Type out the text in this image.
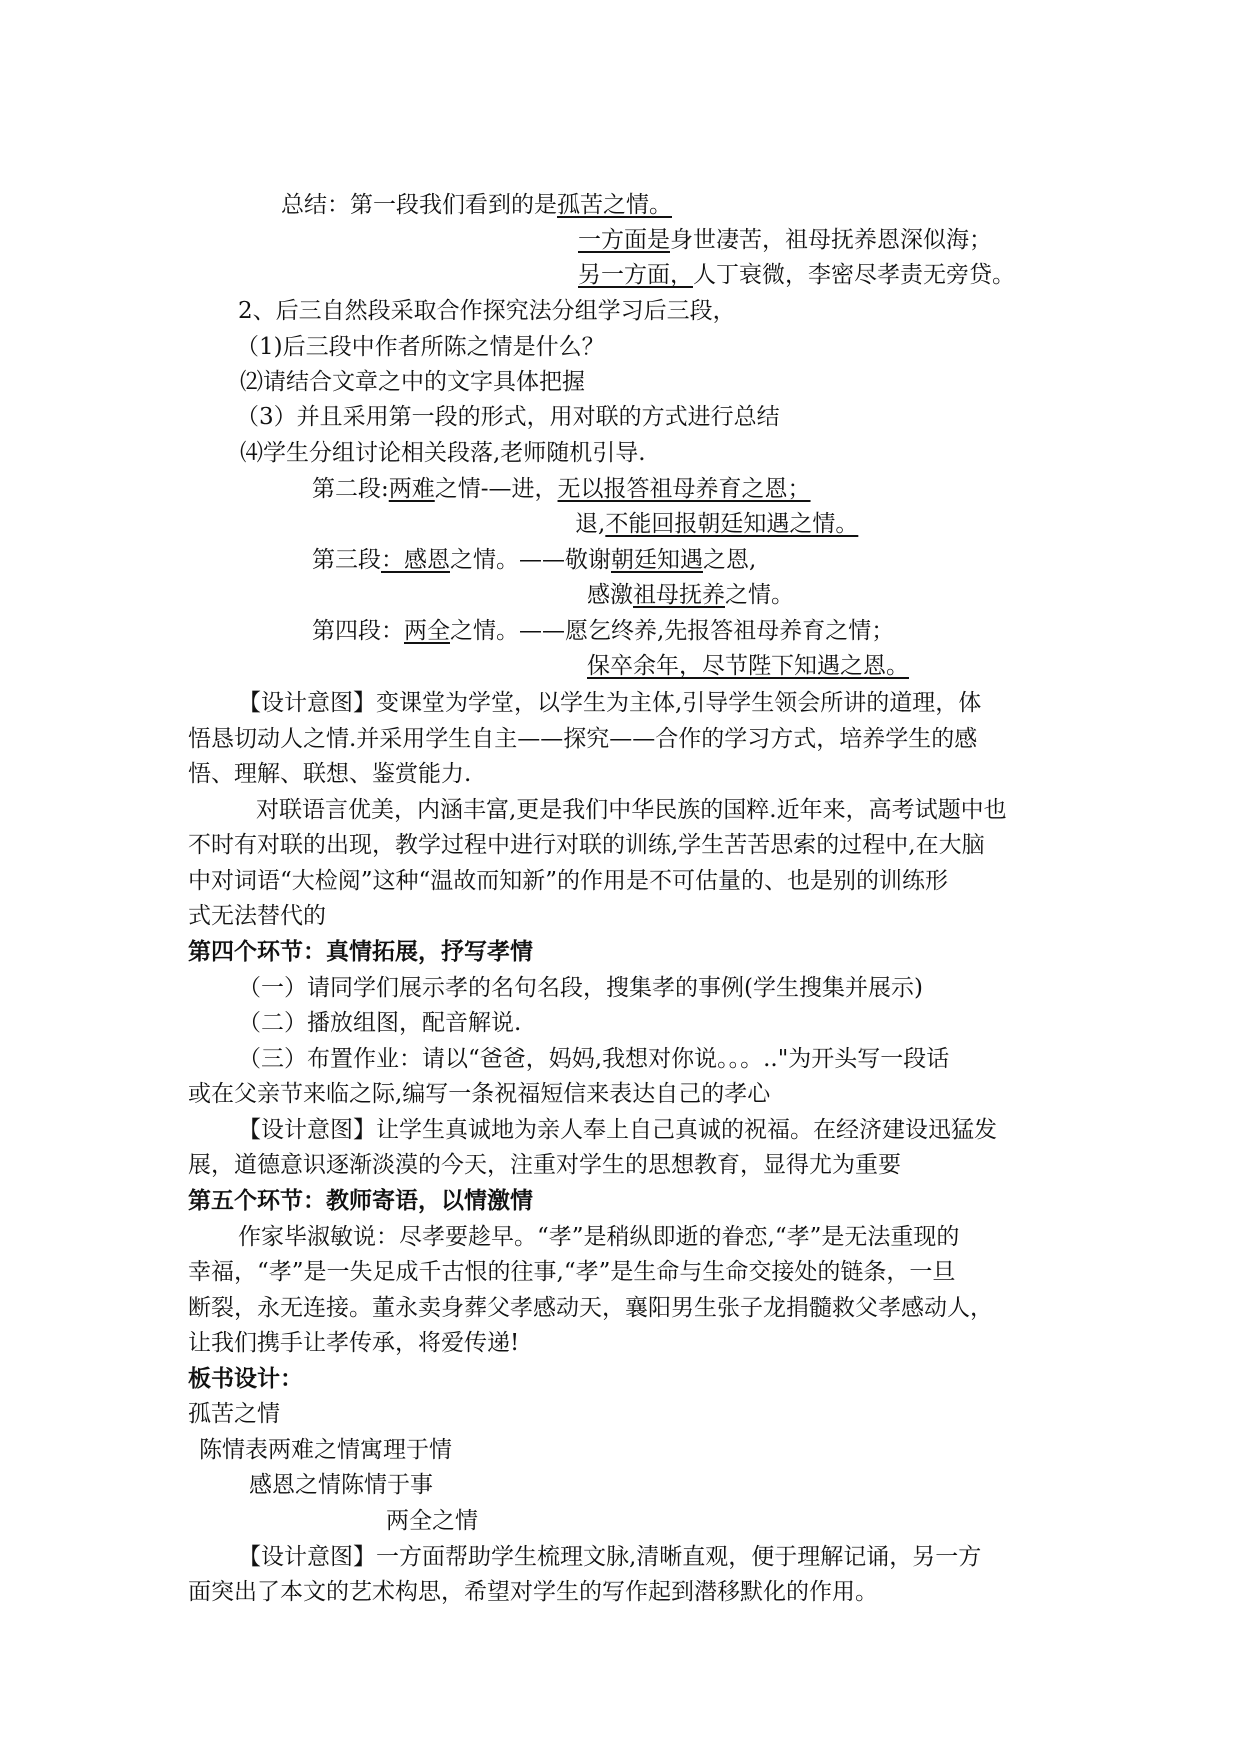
总结：第一段我们看到的是孤苦之情。
一方面是身世凄苦，祖母抚养恩深似海；
另一方面，人丁衰微，李密尽孝责无旁贷。
2、后三自然段采取合作探究法分组学习后三段，
（1)后三段中作者所陈之情是什么？
⑵请结合文章之中的文字具体把握
（3）并且采用第一段的形式，用对联的方式进行总结
⑷学生分组讨论相关段落,老师随机引导.
第二段:两难之情-—进，无以报答祖母养育之恩；
退,不能回报朝廷知遇之情。
第三段：感恩之情。——敬谢朝廷知遇之恩,
感激祖母抚养之情。
第四段：两全之情。——愿乞终养,先报答祖母养育之情；
保卒余年，尽节陛下知遇之恩。
【设计意图】变课堂为学堂，以学生为主体,引导学生领会所讲的道理，体
悟恳切动人之情.并采用学生自主——探究——合作的学习方式，培养学生的感
悟、理解、联想、鉴赏能力.
对联语言优美，内涵丰富,更是我们中华民族的国粹.近年来，高考试题中也
不时有对联的出现，教学过程中进行对联的训练,学生苦苦思索的过程中,在大脑
中对词语“大检阅”这种“温故而知新”的作用是不可估量的、也是别的训练形
式无法替代的
第四个环节：真情拓展，抒写孝情
（一）请同学们展示孝的名句名段，搜集孝的事例(学生搜集并展示)
（二）播放组图，配音解说.
（三）布置作业：请以“爸爸，妈妈,我想对你说。。。.."为开头写一段话
或在父亲节来临之际,编写一条祝福短信来表达自己的孝心
【设计意图】让学生真诚地为亲人奉上自己真诚的祝福。在经济建设迅猛发
展，道德意识逐渐淡漠的今天，注重对学生的思想教育，显得尤为重要
第五个环节：教师寄语，以情激情
作家毕淑敏说：尽孝要趁早。“孝”是稍纵即逝的眷恋,“孝”是无法重现的
幸福，“孝”是一失足成千古恨的往事,“孝”是生命与生命交接处的链条，一旦
断裂，永无连接。董永卖身葬父孝感动天，襄阳男生张子龙捐髓救父孝感动人，
让我们携手让孝传承，将爱传递!
板书设计：
孤苦之情
陈情表两难之情寓理于情
感恩之情陈情于事
两全之情
【设计意图】一方面帮助学生梳理文脉,清晰直观，便于理解记诵，另一方
面突出了本文的艺术构思，希望对学生的写作起到潜移默化的作用。
